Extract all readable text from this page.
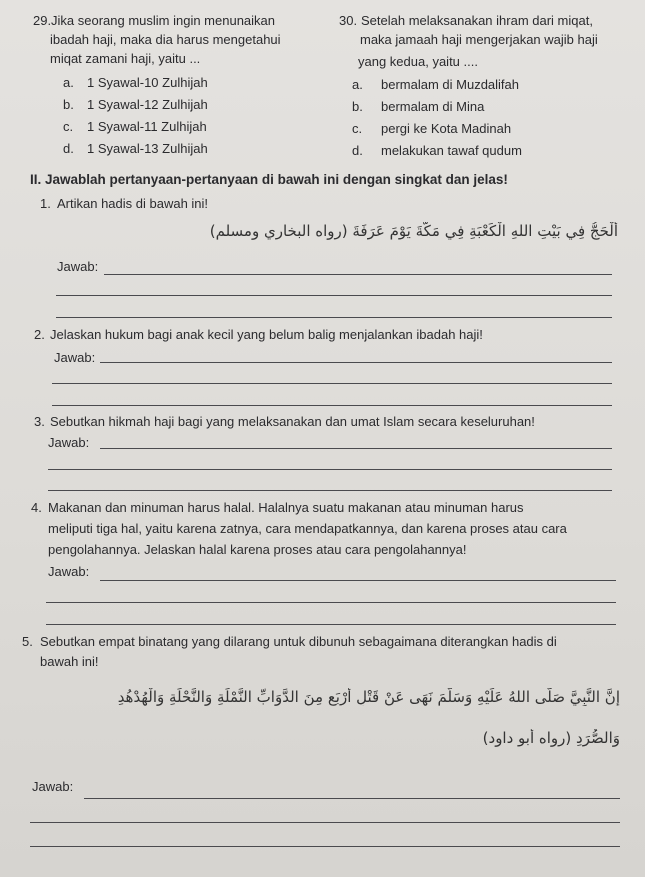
29. Jika seorang muslim ingin menunaikan
ibadah haji, maka dia harus mengetahui
miqat zamani haji, yaitu ...
a. 1 Syawal-10 Zulhijah
b. 1 Syawal-12 Zulhijah
c. 1 Syawal-11 Zulhijah
d. 1 Syawal-13 Zulhijah
30. Setelah melaksanakan ihram dari miqat,
maka jamaah haji mengerjakan wajib haji
yang kedua, yaitu ....
a. bermalam di Muzdalifah
b. bermalam di Mina
c. pergi ke Kota Madinah
d. melakukan tawaf qudum
II. Jawablah pertanyaan-pertanyaan di bawah ini dengan singkat dan jelas!
1. Artikan hadis di bawah ini!
أَلْحَجُّ فِي بَيْتِ اللهِ الْكَعْبَةِ فِي مَكَّةَ يَوْمَ عَرَفَةَ (رواه البخاري ومسلم)
Jawab:
2. Jelaskan hukum bagi anak kecil yang belum balig menjalankan ibadah haji!
Jawab:
3. Sebutkan hikmah haji bagi yang melaksanakan dan umat Islam secara keseluruhan!
Jawab:
4. Makanan dan minuman harus halal. Halalnya suatu makanan atau minuman harus
meliputi tiga hal, yaitu karena zatnya, cara mendapatkannya, dan karena proses atau cara
pengolahannya. Jelaskan halal karena proses atau cara pengolahannya!
Jawab:
5. Sebutkan empat binatang yang dilarang untuk dibunuh sebagaimana diterangkan hadis di
bawah ini!
إِنَّ النَّبِيَّ صَلَّى اللهُ عَلَيْهِ وَسَلَّمَ نَهَى عَنْ قَتْلِ أَرْبَعٍ مِنَ الدَّوَابِّ النَّمْلَةِ وَالنَّحْلَةِ وَالْهُدْهُدِ
وَالصُّرَدِ (رواه أبو داود)
Jawab:
